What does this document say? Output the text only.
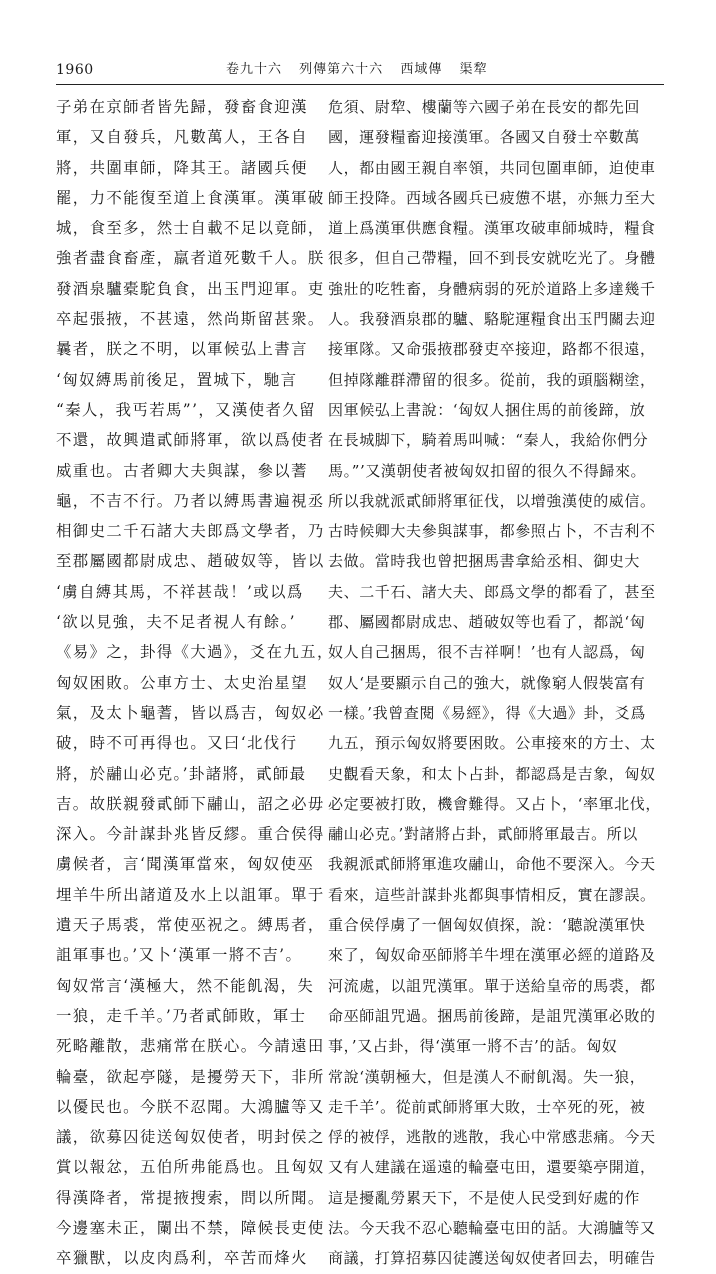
1960	卷九十六 列傳第六十六 西域傳 渠犂
子弟在京師者皆先歸，發畜食迎漢
軍，又自發兵，凡數萬人，王各自
將，共圍車師，降其王。諸國兵便
罷，力不能復至道上食漢軍。漢軍破
城，食至多，然士自載不足以竟師，
強者盡食畜產，羸者道死數千人。朕
發酒泉驢橐駝負食，出玉門迎軍。吏
卒起張掖，不甚遠，然尚斯留甚衆。
曩者，朕之不明，以軍候弘上書言
‘匈奴縛馬前後足，置城下，馳言
“秦人，我丐若馬”’，又漢使者久留
不還，故興遣貳師將軍，欲以爲使者
威重也。古者卿大夫與謀，參以蓍
龜，不吉不行。乃者以縛馬書遍視丞
相御史二千石諸大夫郎爲文學者，乃
至郡屬國都尉成忠、趙破奴等，皆以
‘虜自縛其馬，不祥甚哉！’或以爲
‘欲以見強，夫不足者視人有餘。’
《易》之，卦得《大過》，爻在九五，
匈奴困敗。公車方士、太史治星望
氣，及太卜龜蓍，皆以爲吉，匈奴必
破，時不可再得也。又曰‘北伐行
將，於鬴山必克。’卦諸將，貳師最
吉。故朕親發貳師下鬴山，詔之必毋
深入。今計謀卦兆皆反繆。重合侯得
虜候者，言‘聞漢軍當來，匈奴使巫
埋羊牛所出諸道及水上以詛軍。單于
遺天子馬裘，常使巫祝之。縛馬者，
詛軍事也。’又卜‘漢軍一將不吉’。
匈奴常言‘漢極大，然不能飢渴，失
一狼，走千羊。’乃者貳師敗，軍士
死略離散，悲痛常在朕心。今請遠田
輪臺，欲起亭隧，是擾勞天下，非所
以優民也。今朕不忍聞。大鴻臚等又
議，欲募囚徒送匈奴使者，明封侯之
賞以報忿，五伯所弗能爲也。且匈奴
得漢降者，常提掖搜索，問以所聞。
今邊塞未正，闌出不禁，障候長吏使
卒獵獸，以皮肉爲利，卒苦而烽火
危須、尉犂、樓蘭等六國子弟在長安的都先回
國，運發糧畜迎接漢軍。各國又自發士卒數萬
人，都由國王親自率領，共同包圍車師，迫使車
師王投降。西域各國兵已疲憊不堪，亦無力至大
道上爲漢軍供應食糧。漢軍攻破車師城時，糧食
很多，但自己帶糧，回不到長安就吃光了。身體
強壯的吃牲畜，身體病弱的死於道路上多達幾千
人。我發酒泉郡的驢、駱駝運糧食出玉門關去迎
接軍隊。又命張掖郡發吏卒接迎，路都不很遠，
但掉隊離群滯留的很多。從前，我的頭腦糊塗，
因軍候弘上書說：‘匈奴人捆住馬的前後蹄，放
在長城脚下，騎着馬叫喊：“秦人，我給你們分
馬。”’又漢朝使者被匈奴扣留的很久不得歸來。
所以我就派貳師將軍征伐，以增強漢使的威信。
古時候卿大夫參與謀事，都參照占卜，不吉利不
去做。當時我也曾把捆馬書拿給丞相、御史大
夫、二千石、諸大夫、郎爲文學的都看了，甚至
郡、屬國都尉成忠、趙破奴等也看了，都説‘匈
奴人自己捆馬，很不吉祥啊！’也有人認爲，匈
奴人‘是要顯示自己的強大，就像窮人假裝富有
一樣。’我曾查閱《易經》，得《大過》卦，爻爲
九五，預示匈奴將要困敗。公車接來的方士、太
史觀看天象，和太卜占卦，都認爲是吉象，匈奴
必定要被打敗，機會難得。又占卜，‘率軍北伐，
鬴山必克。’對諸將占卦，貳師將軍最吉。所以
我親派貳師將軍進攻鬴山，命他不要深入。今天
看來，這些計謀卦兆都與事情相反，實在謬誤。
重合侯俘虜了一個匈奴偵探，說：‘聽說漢軍快
來了，匈奴命巫師將羊牛埋在漢軍必經的道路及
河流處，以詛咒漢軍。單于送給皇帝的馬裘，都
命巫師詛咒過。捆馬前後蹄，是詛咒漢軍必敗的
事，’又占卦，得‘漢軍一將不吉’的話。匈奴
常說‘漢朝極大，但是漢人不耐飢渴。失一狼，
走千羊’。從前貳師將軍大敗，士卒死的死，被
俘的被俘，逃散的逃散，我心中常感悲痛。今天
又有人建議在遥遠的輪臺屯田，還要築亭開道，
這是擾亂勞累天下，不是使人民受到好處的作
法。今天我不忍心聽輪臺屯田的話。大鴻臚等又
商議，打算招募囚徒護送匈奴使者回去，明確告
